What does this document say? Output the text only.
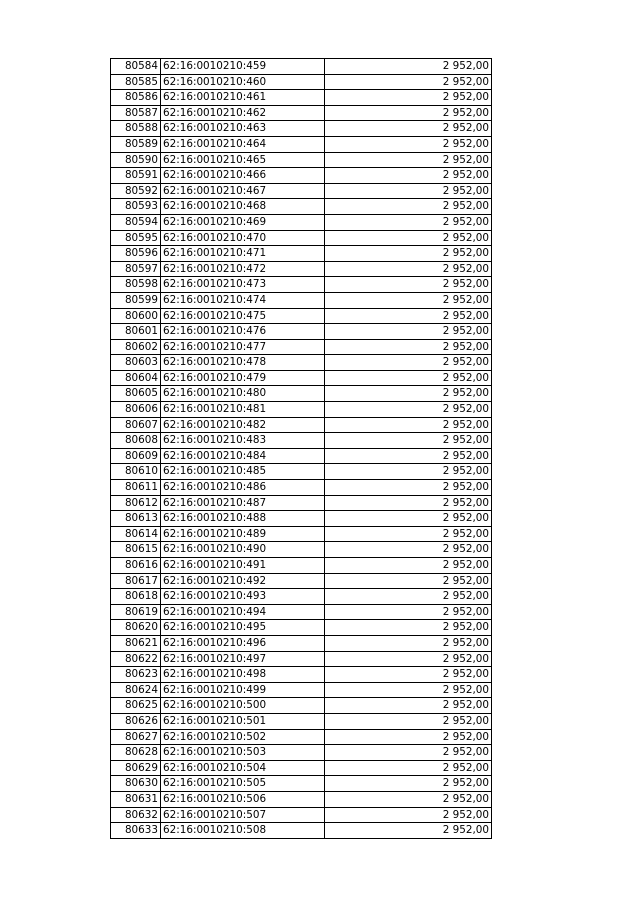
80584	62:16:0010210:459	2 952,00
80585	62:16:0010210:460	2 952,00
80586	62:16:0010210:461	2 952,00
80587	62:16:0010210:462	2 952,00
80588	62:16:0010210:463	2 952,00
80589	62:16:0010210:464	2 952,00
80590	62:16:0010210:465	2 952,00
80591	62:16:0010210:466	2 952,00
80592	62:16:0010210:467	2 952,00
80593	62:16:0010210:468	2 952,00
80594	62:16:0010210:469	2 952,00
80595	62:16:0010210:470	2 952,00
80596	62:16:0010210:471	2 952,00
80597	62:16:0010210:472	2 952,00
80598	62:16:0010210:473	2 952,00
80599	62:16:0010210:474	2 952,00
80600	62:16:0010210:475	2 952,00
80601	62:16:0010210:476	2 952,00
80602	62:16:0010210:477	2 952,00
80603	62:16:0010210:478	2 952,00
80604	62:16:0010210:479	2 952,00
80605	62:16:0010210:480	2 952,00
80606	62:16:0010210:481	2 952,00
80607	62:16:0010210:482	2 952,00
80608	62:16:0010210:483	2 952,00
80609	62:16:0010210:484	2 952,00
80610	62:16:0010210:485	2 952,00
80611	62:16:0010210:486	2 952,00
80612	62:16:0010210:487	2 952,00
80613	62:16:0010210:488	2 952,00
80614	62:16:0010210:489	2 952,00
80615	62:16:0010210:490	2 952,00
80616	62:16:0010210:491	2 952,00
80617	62:16:0010210:492	2 952,00
80618	62:16:0010210:493	2 952,00
80619	62:16:0010210:494	2 952,00
80620	62:16:0010210:495	2 952,00
80621	62:16:0010210:496	2 952,00
80622	62:16:0010210:497	2 952,00
80623	62:16:0010210:498	2 952,00
80624	62:16:0010210:499	2 952,00
80625	62:16:0010210:500	2 952,00
80626	62:16:0010210:501	2 952,00
80627	62:16:0010210:502	2 952,00
80628	62:16:0010210:503	2 952,00
80629	62:16:0010210:504	2 952,00
80630	62:16:0010210:505	2 952,00
80631	62:16:0010210:506	2 952,00
80632	62:16:0010210:507	2 952,00
80633	62:16:0010210:508	2 952,00
